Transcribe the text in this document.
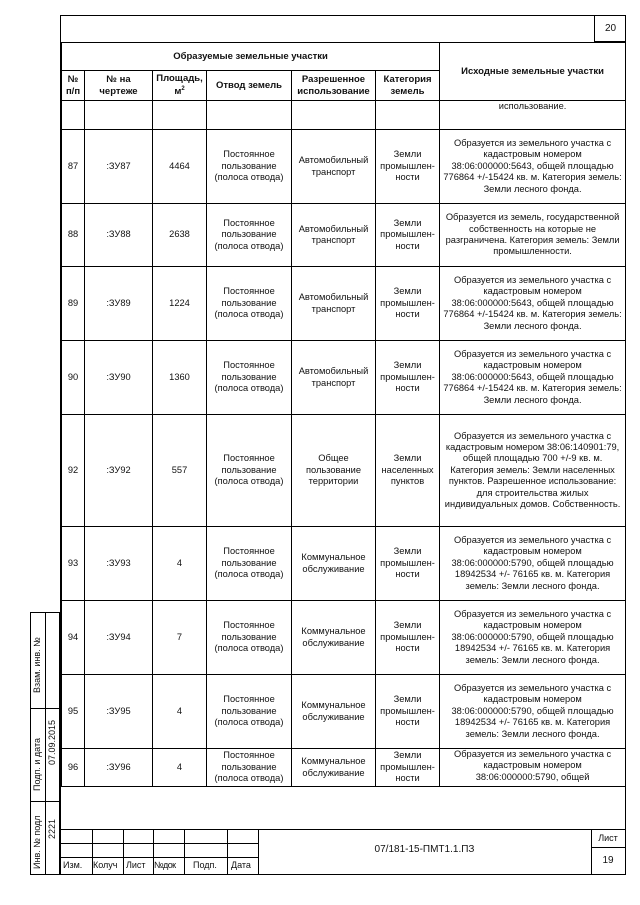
20
Образуемые земельные участки						Исходные земельные участки
№ п/п	№ на чертеже	Площадь, $м^2$	Отвод земель	Разрешенное использование	Категория земель	
						использование.
87	:ЗУ87	4464	Постоянное пользование (полоса отвода)	Автомобильный транспорт	Земли промышлен-ности	Образуется из земельного участка с кадастровым номером 38:06:000000:5643, общей площадью 776864 +/-15424 кв. м. Категория земель: Земли лесного фонда.
88	:ЗУ88	2638	Постоянное пользование (полоса отвода)	Автомобильный транспорт	Земли промышлен-ности	Образуется из земель, государственной собственность на которые не разграничена. Категория земель: Земли промышленности.
89	:ЗУ89	1224	Постоянное пользование (полоса отвода)	Автомобильный транспорт	Земли промышлен-ности	Образуется из земельного участка с кадастровым номером 38:06:000000:5643, общей площадью 776864 +/-15424 кв. м. Категория земель: Земли лесного фонда.
90	:ЗУ90	1360	Постоянное пользование (полоса отвода)	Автомобильный транспорт	Земли промышлен-ности	Образуется из земельного участка с кадастровым номером 38:06:000000:5643, общей площадью 776864 +/-15424 кв. м. Категория земель: Земли лесного фонда.
92	:ЗУ92	557	Постоянное пользование (полоса отвода)	Общее пользование территории	Земли населенных пунктов	Образуется из земельного участка с кадастровым номером 38:06:140901:79, общей площадью 700 +/-9 кв. м. Категория земель: Земли населенных пунктов. Разрешенное использование: для строительства жилых индивидуальных домов. Собственность.
93	:ЗУ93	4	Постоянное пользование (полоса отвода)	Коммунальное обслуживание	Земли промышлен-ности	Образуется из земельного участка с кадастровым номером 38:06:000000:5790, общей площадью 18942534 +/- 76165 кв. м. Категория земель: Земли лесного фонда.
94	:ЗУ94	7	Постоянное пользование (полоса отвода)	Коммунальное обслуживание	Земли промышлен-ности	Образуется из земельного участка с кадастровым номером 38:06:000000:5790, общей площадью 18942534 +/- 76165 кв. м. Категория земель: Земли лесного фонда.
95	:ЗУ95	4	Постоянное пользование (полоса отвода)	Коммунальное обслуживание	Земли промышлен-ности	Образуется из земельного участка с кадастровым номером 38:06:000000:5790, общей площадью 18942534 +/- 76165 кв. м. Категория земель: Земли лесного фонда.
96	:ЗУ96	4	Постоянное пользование (полоса отвода)	Коммунальное обслуживание	Земли промышлен-ности	Образуется из земельного участка с кадастровым номером 38:06:000000:5790, общей
Взам. инв. №
Подп. и дата 07.09.2015
Инв. № подл 2221
Изм. Колуч Лист №док Подп. Дата
07/181-15-ПМТ1.1.ПЗ
Лист
19
